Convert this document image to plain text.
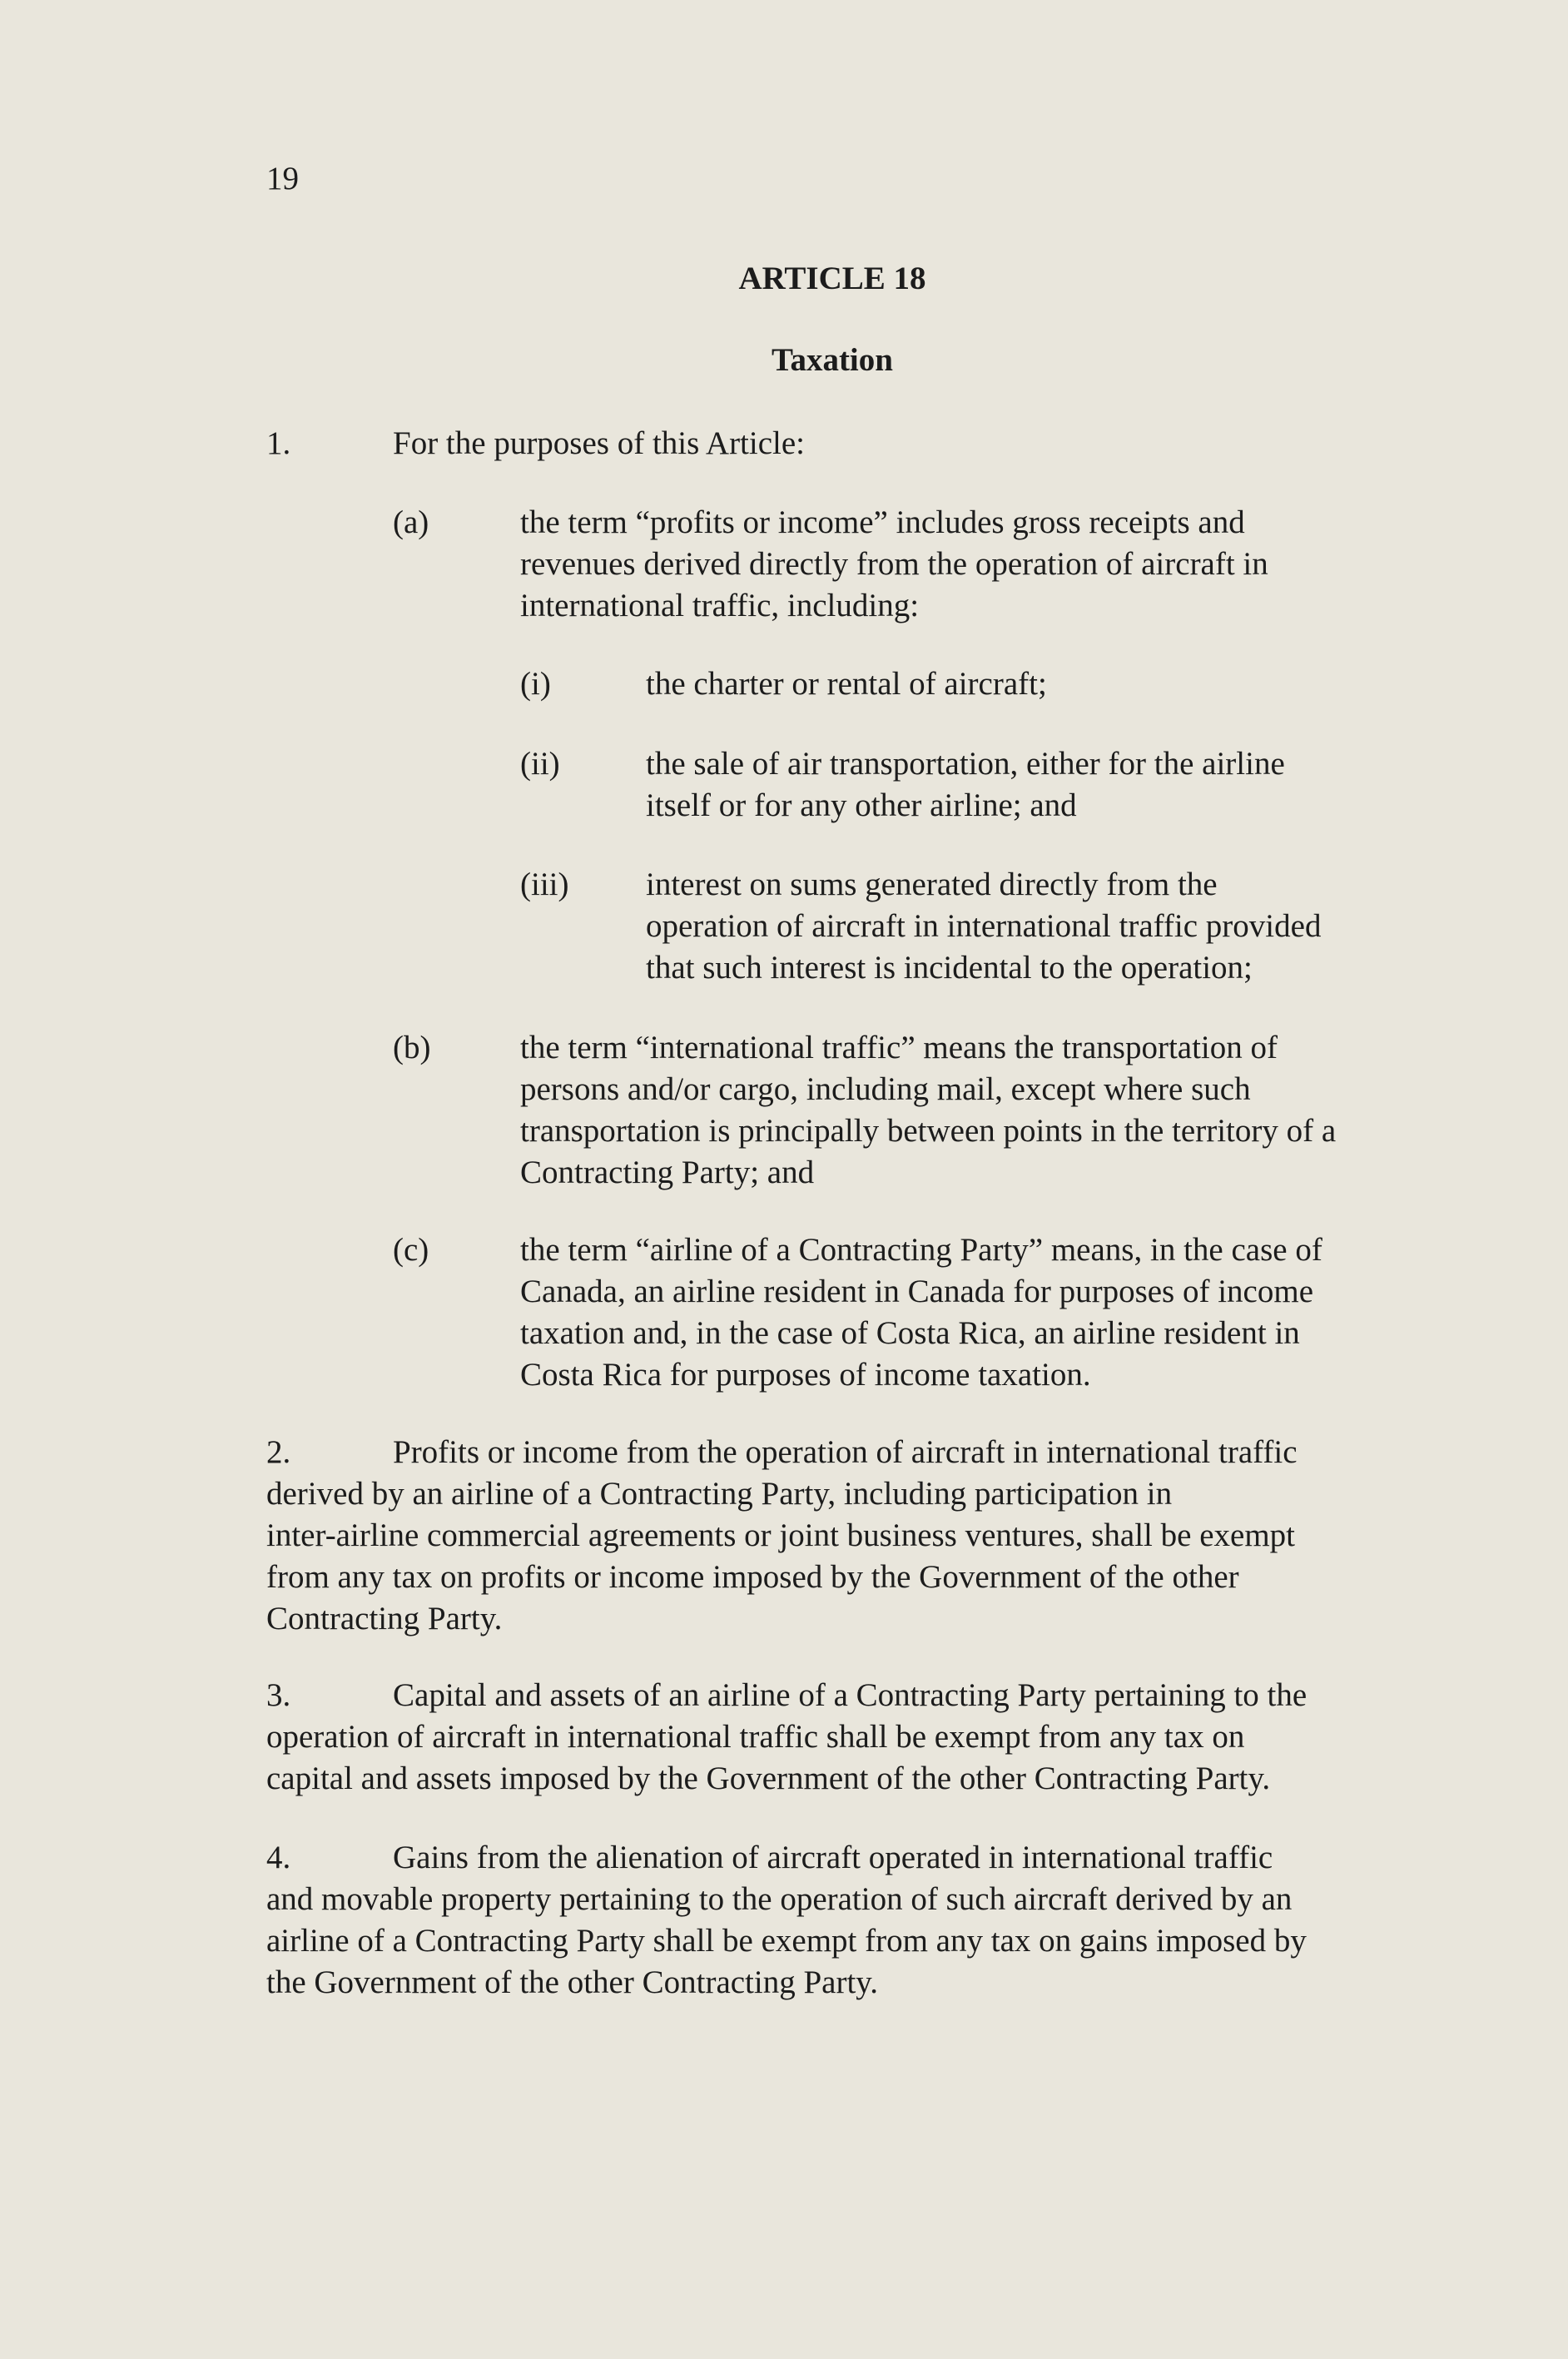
19
ARTICLE 18
Taxation
1.	For the purposes of this Article:
(a)	the term “profits or income” includes gross receipts and
revenues derived directly from the operation of aircraft in
international traffic, including:
(i)	the charter or rental of aircraft;
(ii)	the sale of air transportation, either for the airline
itself or for any other airline; and
(iii) interest on sums generated directly from the
operation of aircraft in international traffic provided
that such interest is incidental to the operation;
(b)	the term “international traffic” means the transportation of
persons and/or cargo, including mail, except where such
transportation is principally between points in the territory of a
Contracting Party; and
(c)	the term “airline of a Contracting Party” means, in the case of
Canada, an airline resident in Canada for purposes of income
taxation and, in the case of Costa Rica, an airline resident in
Costa Rica for purposes of income taxation.
2.	Profits or income from the operation of aircraft in international traffic
derived by an airline of a Contracting Party, including participation in
inter-airline commercial agreements or joint business ventures, shall be exempt
from any tax on profits or income imposed by the Government of the other
Contracting Party.
3.	Capital and assets of an airline of a Contracting Party pertaining to the
operation of aircraft in international traffic shall be exempt from any tax on
capital and assets imposed by the Government of the other Contracting Party.
4.	Gains from the alienation of aircraft operated in international traffic
and movable property pertaining to the operation of such aircraft derived by an
airline of a Contracting Party shall be exempt from any tax on gains imposed by
the Government of the other Contracting Party.
